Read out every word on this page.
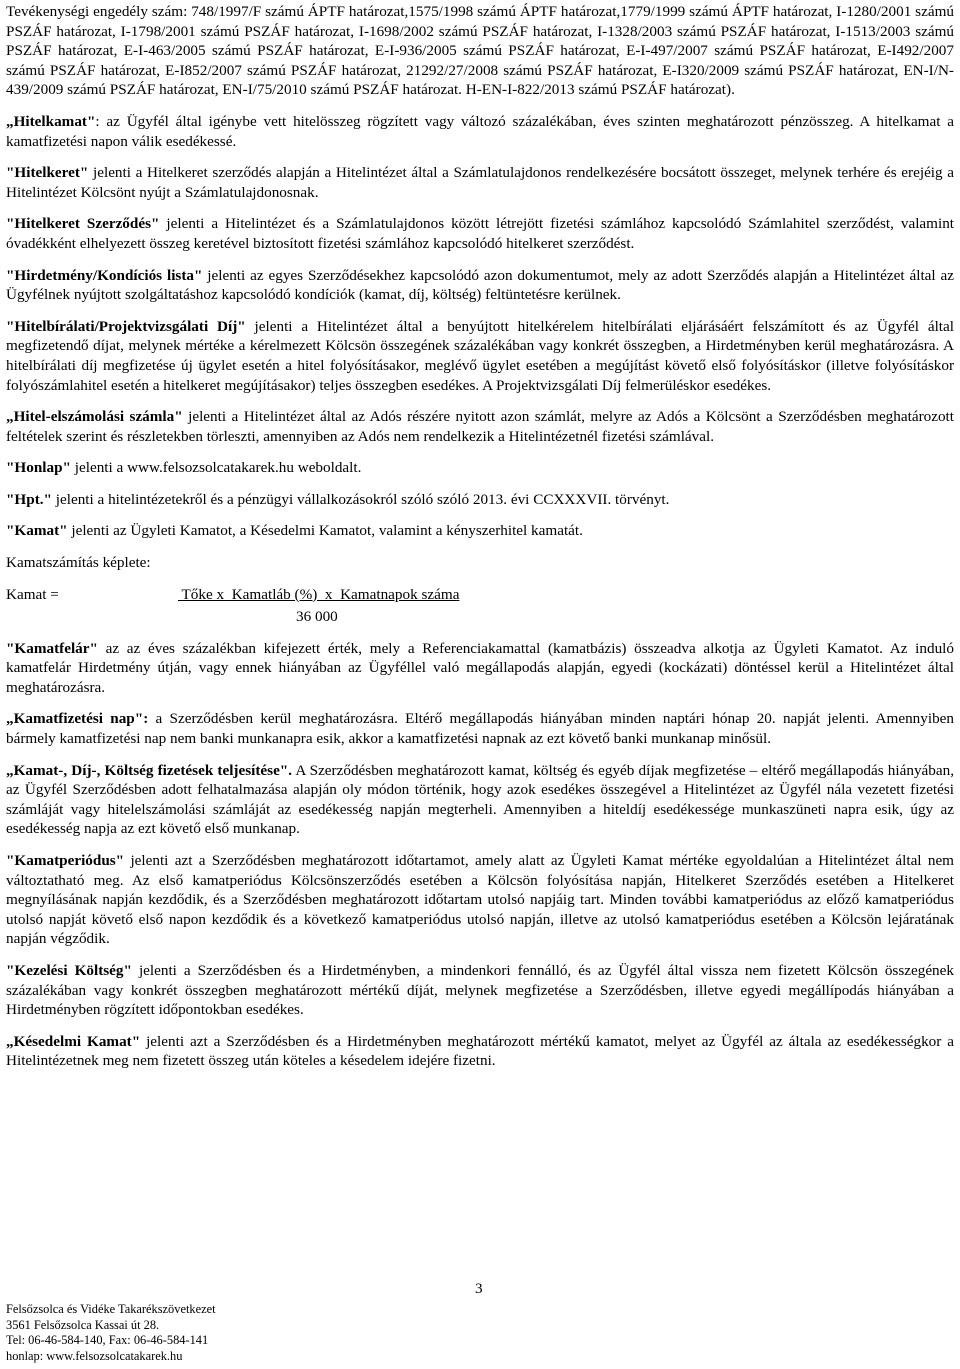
Tevékenységi engedély szám: 748/1997/F számú ÁPTF határozat,1575/1998 számú ÁPTF határozat,1779/1999 számú ÁPTF határozat, I-1280/2001 számú PSZÁF határozat, I-1798/2001 számú PSZÁF határozat, I-1698/2002 számú PSZÁF határozat, I-1328/2003 számú PSZÁF határozat, I-1513/2003 számú PSZÁF határozat, E-I-463/2005 számú PSZÁF határozat, E-I-936/2005 számú PSZÁF határozat, E-I-497/2007 számú PSZÁF határozat, E-I492/2007 számú PSZÁF határozat, E-I852/2007 számú PSZÁF határozat, 21292/27/2008 számú PSZÁF határozat, E-I320/2009 számú PSZÁF határozat, EN-I/N-439/2009 számú PSZÁF határozat, EN-I/75/2010 számú PSZÁF határozat. H-EN-I-822/2013 számú PSZÁF határozat).

„Hitelkamat": az Ügyfél által igénybe vett hitelösszeg rögzített vagy változó százalékában, éves szinten meghatározott pénzösszeg. A hitelkamat a kamatfizetési napon válik esedékessé.

"Hitelkeret" jelenti a Hitelkeret szerződés alapján a Hitelintézet által a Számlatulajdonos rendelkezésére bocsátott összeget, melynek terhére és erejéig a Hitelintézet Kölcsönt nyújt a Számlatulajdonosnak.

"Hitelkeret Szerződés" jelenti a Hitelintézet és a Számlatulajdonos között létrejött fizetési számlához kapcsolódó Számlahitel szerződést, valamint óvadékként elhelyezett összeg keretével biztosított fizetési számlához kapcsolódó hitelkeret szerződést.

"Hirdetmény/Kondíciós lista" jelenti az egyes Szerződésekhez kapcsolódó azon dokumentumot, mely az adott Szerződés alapján a Hitelintézet által az Ügyfélnek nyújtott szolgáltatáshoz kapcsolódó kondíciók (kamat, díj, költség) feltüntetésre kerülnek.

"Hitelbírálati/Projektvizsgálati Díj" jelenti a Hitelintézet által a benyújtott hitelkérelem hitelbírálati eljárásáért felszámított és az Ügyfél által megfizetendő díjat, melynek mértéke a kérelmezett Kölcsön összegének százalékában vagy konkrét összegben, a Hirdetményben kerül meghatározásra. A hitelbírálati díj megfizetése új ügylet esetén a hitel folyósításakor, meglévő ügylet esetében a megújítást követő első folyósításkor (illetve folyósításkor folyószámlahitel esetén a hitelkeret megújításakor) teljes összegben esedékes. A Projektvizsgálati Díj felmerüléskor esedékes.

„Hitel-elszámolási számla" jelenti a Hitelintézet által az Adós részére nyitott azon számlát, melyre az Adós a Kölcsönt a Szerződésben meghatározott feltételek szerint és részletekben törleszti, amennyiben az Adós nem rendelkezik a Hitelintézetnél fizetési számlával.

"Honlap" jelenti a www.felsozsolcatakarek.hu weboldalt.

"Hpt." jelenti a hitelintézetekről és a pénzügyi vállalkozásokról szóló szóló 2013. évi CCXXXVII. törvényt.

"Kamat" jelenti az Ügyleti Kamatot, a Késedelmi Kamatot, valamint a kényszerhitel kamatát.

Kamatszámítás képlete:

Kamat =	Tőke x  Kamatláb (%)  x  Kamatnapok száma
36 000

"Kamatfelár" az az éves százalékban kifejezett érték, mely a Referenciakamattal (kamatbázis) összeadva alkotja az Ügyleti Kamatot. Az induló kamatfelár Hirdetmény útján, vagy ennek hiányában az Ügyféllel való megállapodás alapján, egyedi (kockázati) döntéssel kerül a Hitelintézet által meghatározásra.

„Kamatfizetési nap": a Szerződésben kerül meghatározásra. Eltérő megállapodás hiányában minden naptári hónap 20. napját jelenti. Amennyiben bármely kamatfizetési nap nem banki munkanapra esik, akkor a kamatfizetési napnak az ezt követő banki munkanap minősül.

„Kamat-, Díj-, Költség fizetések teljesítése". A Szerződésben meghatározott kamat, költség és egyéb díjak megfizetése – eltérő megállapodás hiányában, az Ügyfél Szerződésben adott felhatalmazása alapján oly módon történik, hogy azok esedékes összegével a Hitelintézet az Ügyfél nála vezetett fizetési számláját vagy hitelelszámolási számláját az esedékesség napján megterheli. Amennyiben a hiteldíj esedékessége munkaszüneti napra esik, úgy az esedékesség napja az ezt követő első munkanap.

"Kamatperiódus" jelenti azt a Szerződésben meghatározott időtartamot, amely alatt az Ügyleti Kamat mértéke egyoldalúan a Hitelintézet által nem változtatható meg. Az első kamatperiódus Kölcsönszerződés esetében a Kölcsön folyósítása napján, Hitelkeret Szerződés esetében a Hitelkeret megnyílásának napján kezdődik, és a Szerződésben meghatározott időtartam utolsó napjáig tart. Minden további kamatperiódus az előző kamatperiódus utolsó napját követő első napon kezdődik és a következő kamatperiódus utolsó napján, illetve az utolsó kamatperiódus esetében a Kölcsön lejáratának napján végződik.

"Kezelési Költség" jelenti a Szerződésben és a Hirdetményben, a mindenkori fennálló, és az Ügyfél által vissza nem fizetett Kölcsön összegének százalékában vagy konkrét összegben meghatározott mértékű díját, melynek megfizetése a Szerződésben, illetve egyedi megállípodás hiányában a Hirdetményben rögzített időpontokban esedékes.

„Késedelmi Kamat" jelenti azt a Szerződésben és a Hirdetményben meghatározott mértékű kamatot, melyet az Ügyfél az általa az esedékességkor a Hitelintézetnek meg nem fizetett összeg után köteles a késedelem idejére fizetni.

3
Felsőzsolca és Vidéke Takarékszövetkezet
3561 Felsőzsolca Kassai út 28.
Tel: 06-46-584-140, Fax: 06-46-584-141
honlap: www.felsozsolcatakarek.hu
